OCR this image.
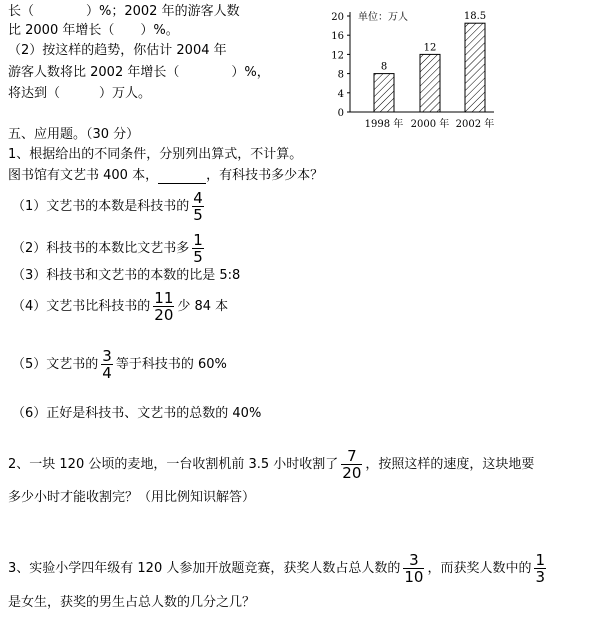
长（　　　　）%；2002 年的游客人数
比 2000 年增长（　　）%。
（2）按这样的趋势，你估计 2004 年
游客人数将比 2002 年增长（　　　　）%，
将达到（　　　）万人。
单位：万人
0
4
8
12
16
20
8
1998 年
12
2000 年
18.5
2002 年
五、应用题。（30 分）
1、根据给出的不同条件，分别列出算式，不计算。
图书馆有文艺书 400 本，	，有科技书多少本？
（1）文艺书的本数是科技书的 $\frac{4}{5}$
（2）科技书的本数比文艺书多 $\frac{1}{5}$
（3）科技书和文艺书的本数的比是 5:8
（4）文艺书比科技书的 $\frac{11}{20}$ 少 84 本
（5）文艺书的 $\frac{3}{4}$ 等于科技书的 60%
（6）正好是科技书、文艺书的总数的 40%
2、一块 120 公顷的麦地，一台收割机前 3.5 小时收割了 $\frac{7}{20}$ ，按照这样的速度，这块地要
多少小时才能收割完？（用比例知识解答）
3、实验小学四年级有 120 人参加开放题竞赛，获奖人数占总人数的 $\frac{3}{10}$ ，而获奖人数中的 $\frac{1}{3}$
是女生，获奖的男生占总人数的几分之几？
